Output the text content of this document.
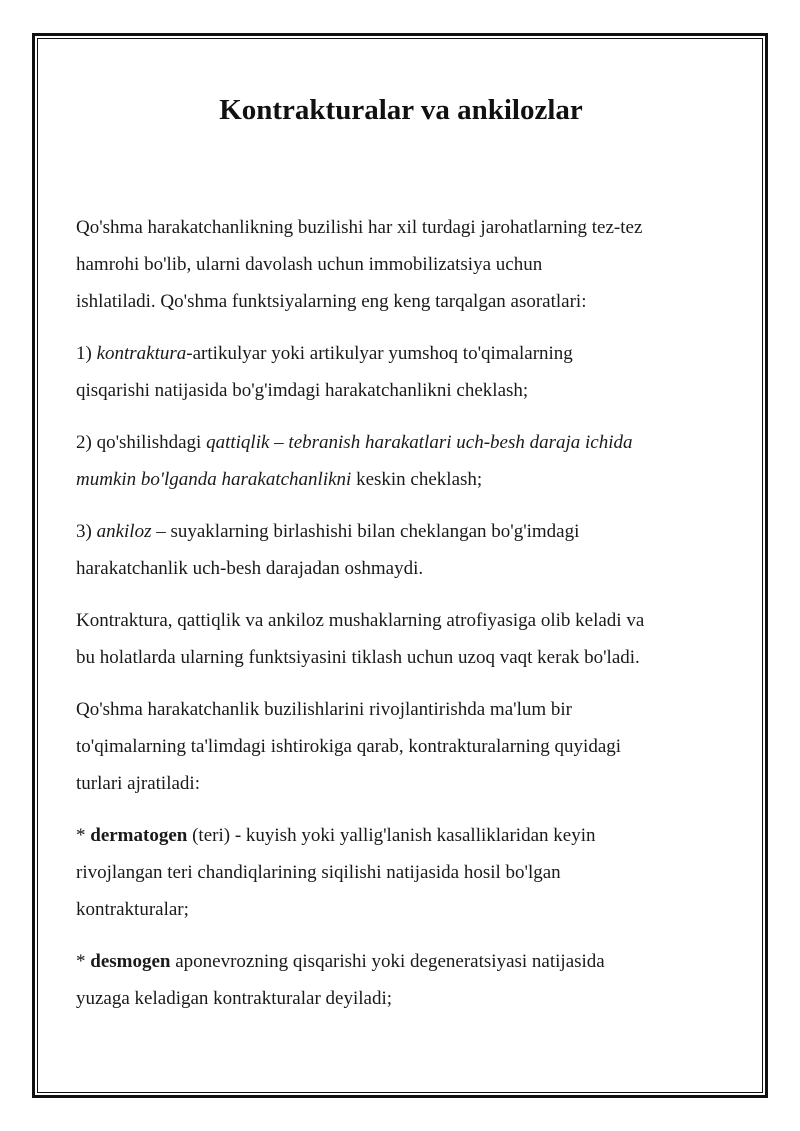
Kontrakturalar va ankilozlar

Qo'shma harakatchanlikning buzilishi har xil turdagi jarohatlarning tez-tez
hamrohi bo'lib, ularni davolash uchun immobilizatsiya uchun
ishlatiladi. Qo'shma funktsiyalarning eng keng tarqalgan asoratlari:

1) kontraktura-artikulyar yoki artikulyar yumshoq to'qimalarning
qisqarishi natijasida bo'g'imdagi harakatchanlikni cheklash;

2) qo'shilishdagi qattiqlik – tebranish harakatlari uch-besh daraja ichida
mumkin bo'lganda harakatchanlikni keskin cheklash;

3) ankiloz – suyaklarning birlashishi bilan cheklangan bo'g'imdagi
harakatchanlik uch-besh darajadan oshmaydi.

Kontraktura, qattiqlik va ankiloz mushaklarning atrofiyasiga olib keladi va
bu holatlarda ularning funktsiyasini tiklash uchun uzoq vaqt kerak bo'ladi.

Qo'shma harakatchanlik buzilishlarini rivojlantirishda ma'lum bir
to'qimalarning ta'limdagi ishtirokiga qarab, kontrakturalarning quyidagi
turlari ajratiladi:

* dermatogen (teri) - kuyish yoki yallig'lanish kasalliklaridan keyin
rivojlangan teri chandiqlarining siqilishi natijasida hosil bo'lgan
kontrakturalar;

* desmogen aponevrozning qisqarishi yoki degeneratsiyasi natijasida
yuzaga keladigan kontrakturalar deyiladi;
